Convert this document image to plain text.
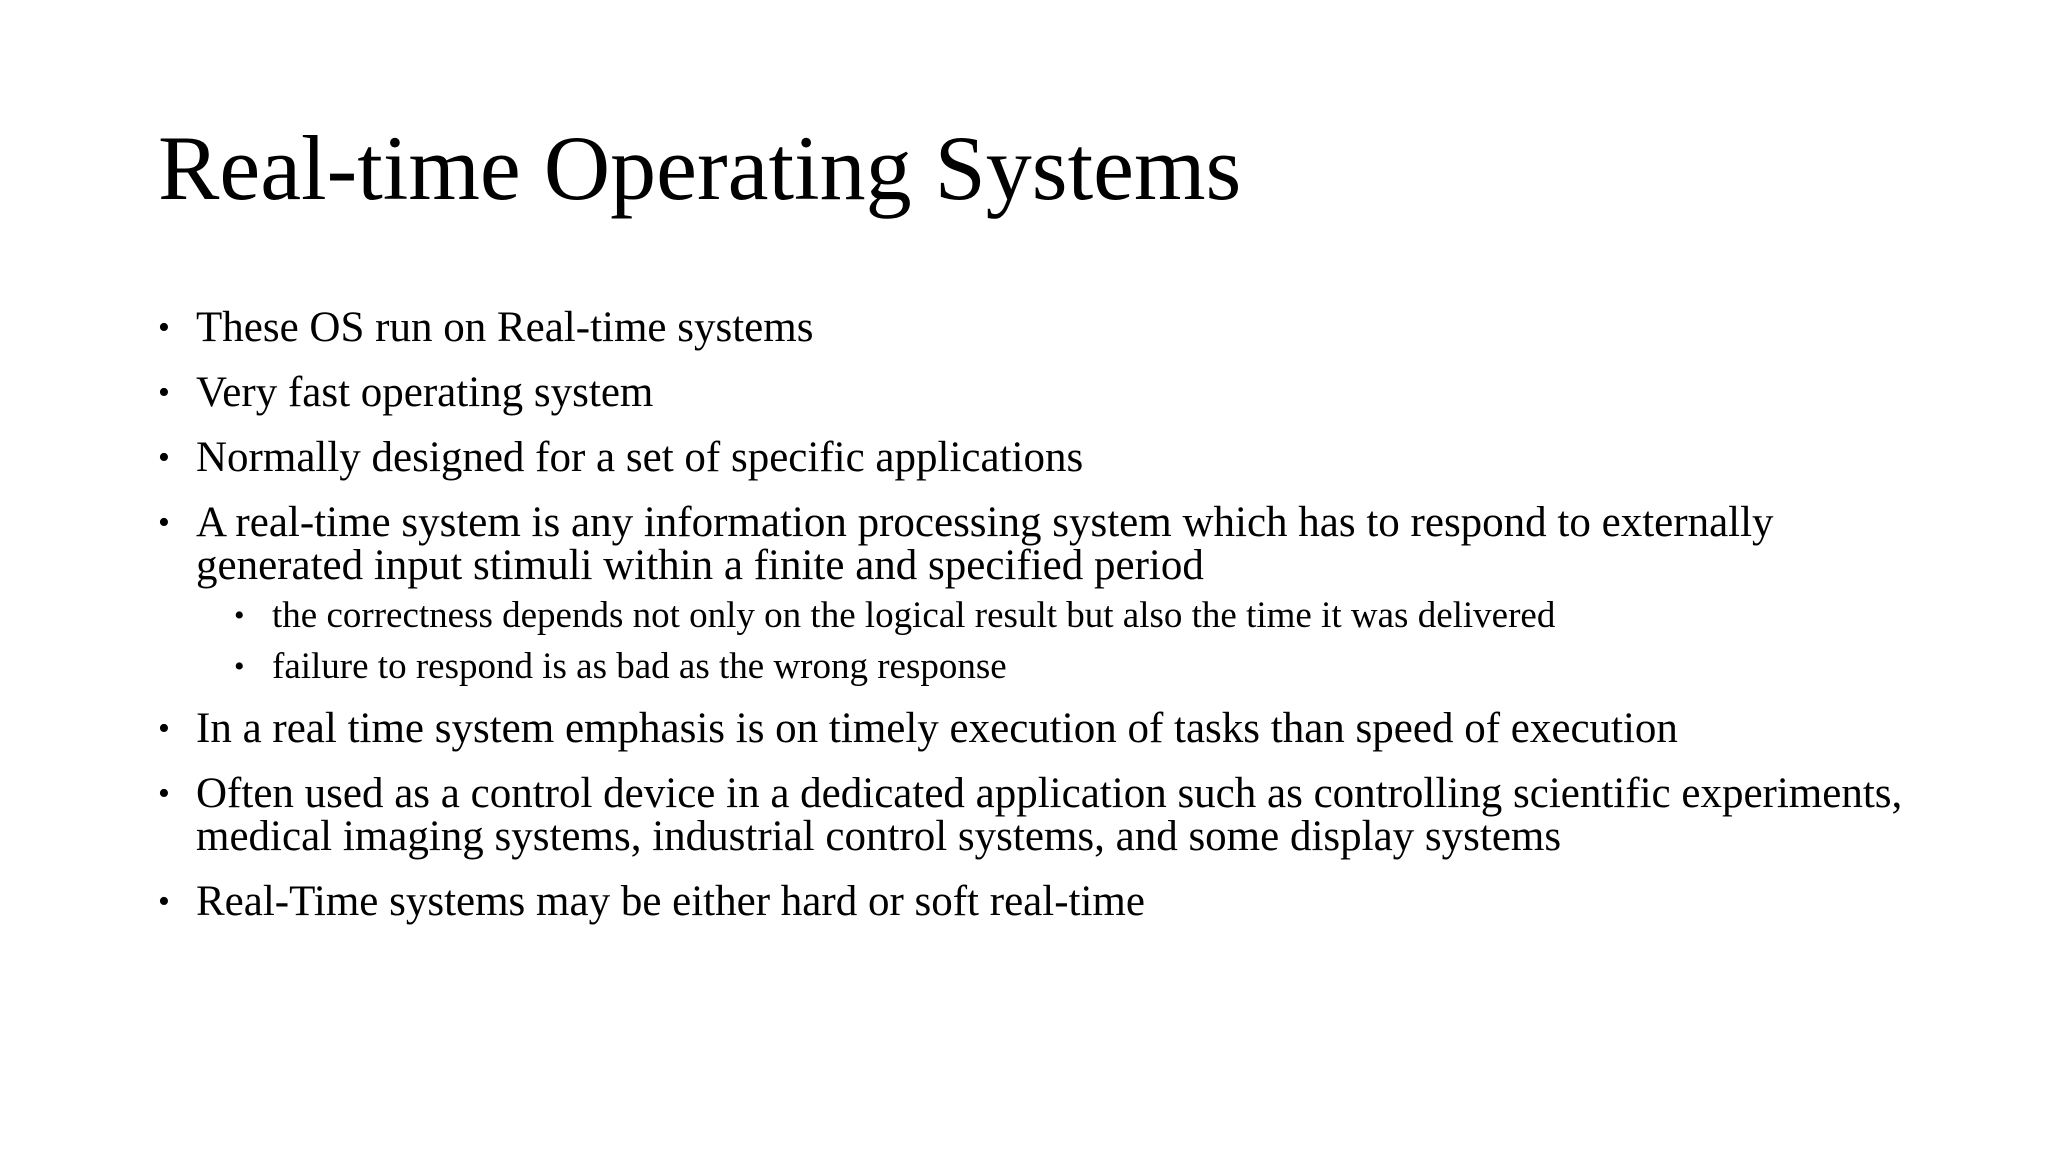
Real-time Operating Systems
• These OS run on Real-time systems
• Very fast operating system
• Normally designed for a set of specific applications
• A real-time system is any information processing system which has to respond to externally generated input stimuli within a finite and specified period
• the correctness depends not only on the logical result but also the time it was delivered
• failure to respond is as bad as the wrong response
• In a real time system emphasis is on timely execution of tasks than speed of execution
• Often used as a control device in a dedicated application such as controlling scientific experiments, medical imaging systems, industrial control systems, and some display systems
• Real-Time systems may be either hard or soft real-time
